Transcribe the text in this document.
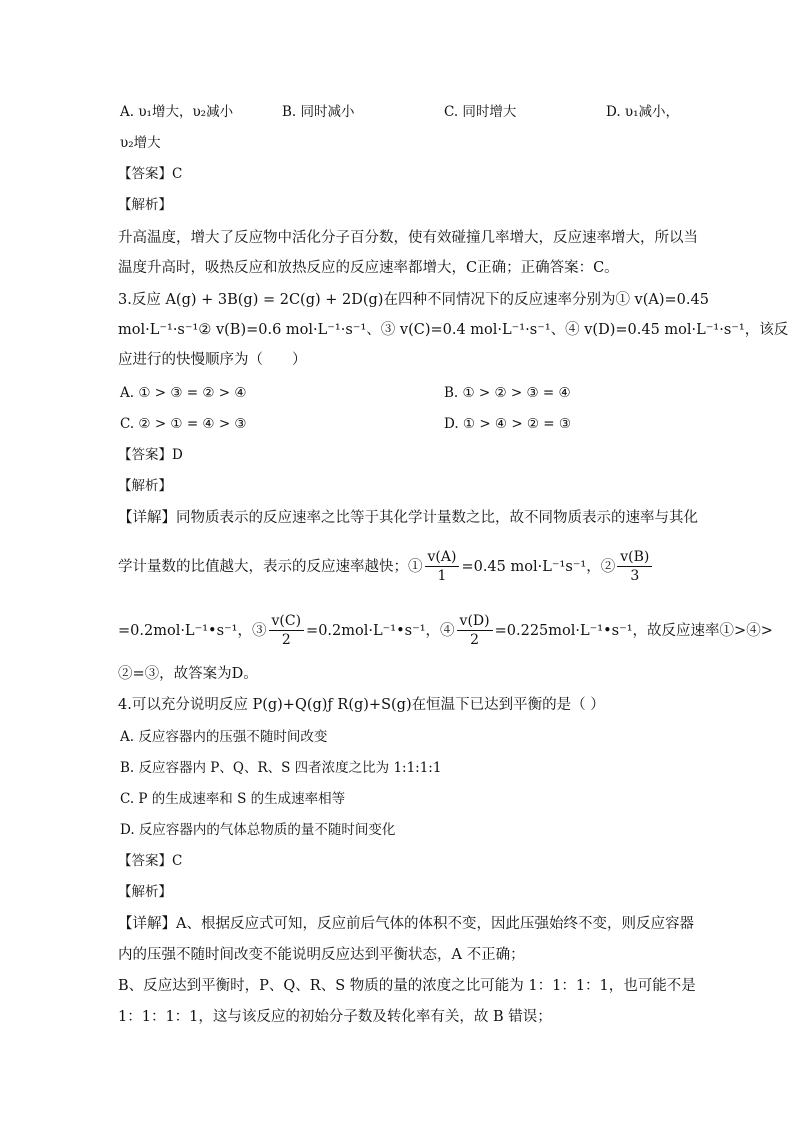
A. υ₁增大，υ₂减小	B. 同时减小	C. 同时增大	D. υ₁减小，
υ₂增大
【答案】C
【解析】
升高温度，增大了反应物中活化分子百分数，使有效碰撞几率增大，反应速率增大，所以当
温度升高时，吸热反应和放热反应的反应速率都增大，C正确；正确答案：C。
3.反应 A(g) + 3B(g) = 2C(g) + 2D(g)在四种不同情况下的反应速率分别为① v(A)=0.45
mol·L⁻¹·s⁻¹② v(B)=0.6 mol·L⁻¹·s⁻¹、③ v(C)=0.4 mol·L⁻¹·s⁻¹、④ v(D)=0.45 mol·L⁻¹·s⁻¹，该反
应进行的快慢顺序为（　　）
A. ① > ③ = ② > ④	B. ① > ② > ③ = ④
C. ② > ① = ④ > ③	D. ① > ④ > ② = ③
【答案】D
【解析】
【详解】同物质表示的反应速率之比等于其化学计量数之比，故不同物质表示的速率与其化
学计量数的比值越大，表示的反应速率越快；① $\frac{v(A)}{1} =0.45$ mol·L⁻¹s⁻¹，② $\frac{v(B)}{3}$
=0.2mol·L⁻¹•s⁻¹，③ $\frac{v(C)}{2}$ =0.2mol·L⁻¹•s⁻¹，④ $\frac{v(D)}{2}$ =0.225mol·L⁻¹•s⁻¹，故反应速率①>④>
②=③，故答案为D。
4.可以充分说明反应 P(g)+Q(g)ƒ R(g)+S(g)在恒温下已达到平衡的是（ ）
A. 反应容器内的压强不随时间改变
B. 反应容器内 P、Q、R、S 四者浓度之比为 1:1:1:1
C. P 的生成速率和 S 的生成速率相等
D. 反应容器内的气体总物质的量不随时间变化
【答案】C
【解析】
【详解】A、根据反应式可知，反应前后气体的体积不变，因此压强始终不变，则反应容器
内的压强不随时间改变不能说明反应达到平衡状态，A 不正确；
B、反应达到平衡时，P、Q、R、S 物质的量的浓度之比可能为 1：1：1：1，也可能不是
1：1：1：1，这与该反应的初始分子数及转化率有关，故 B 错误；
